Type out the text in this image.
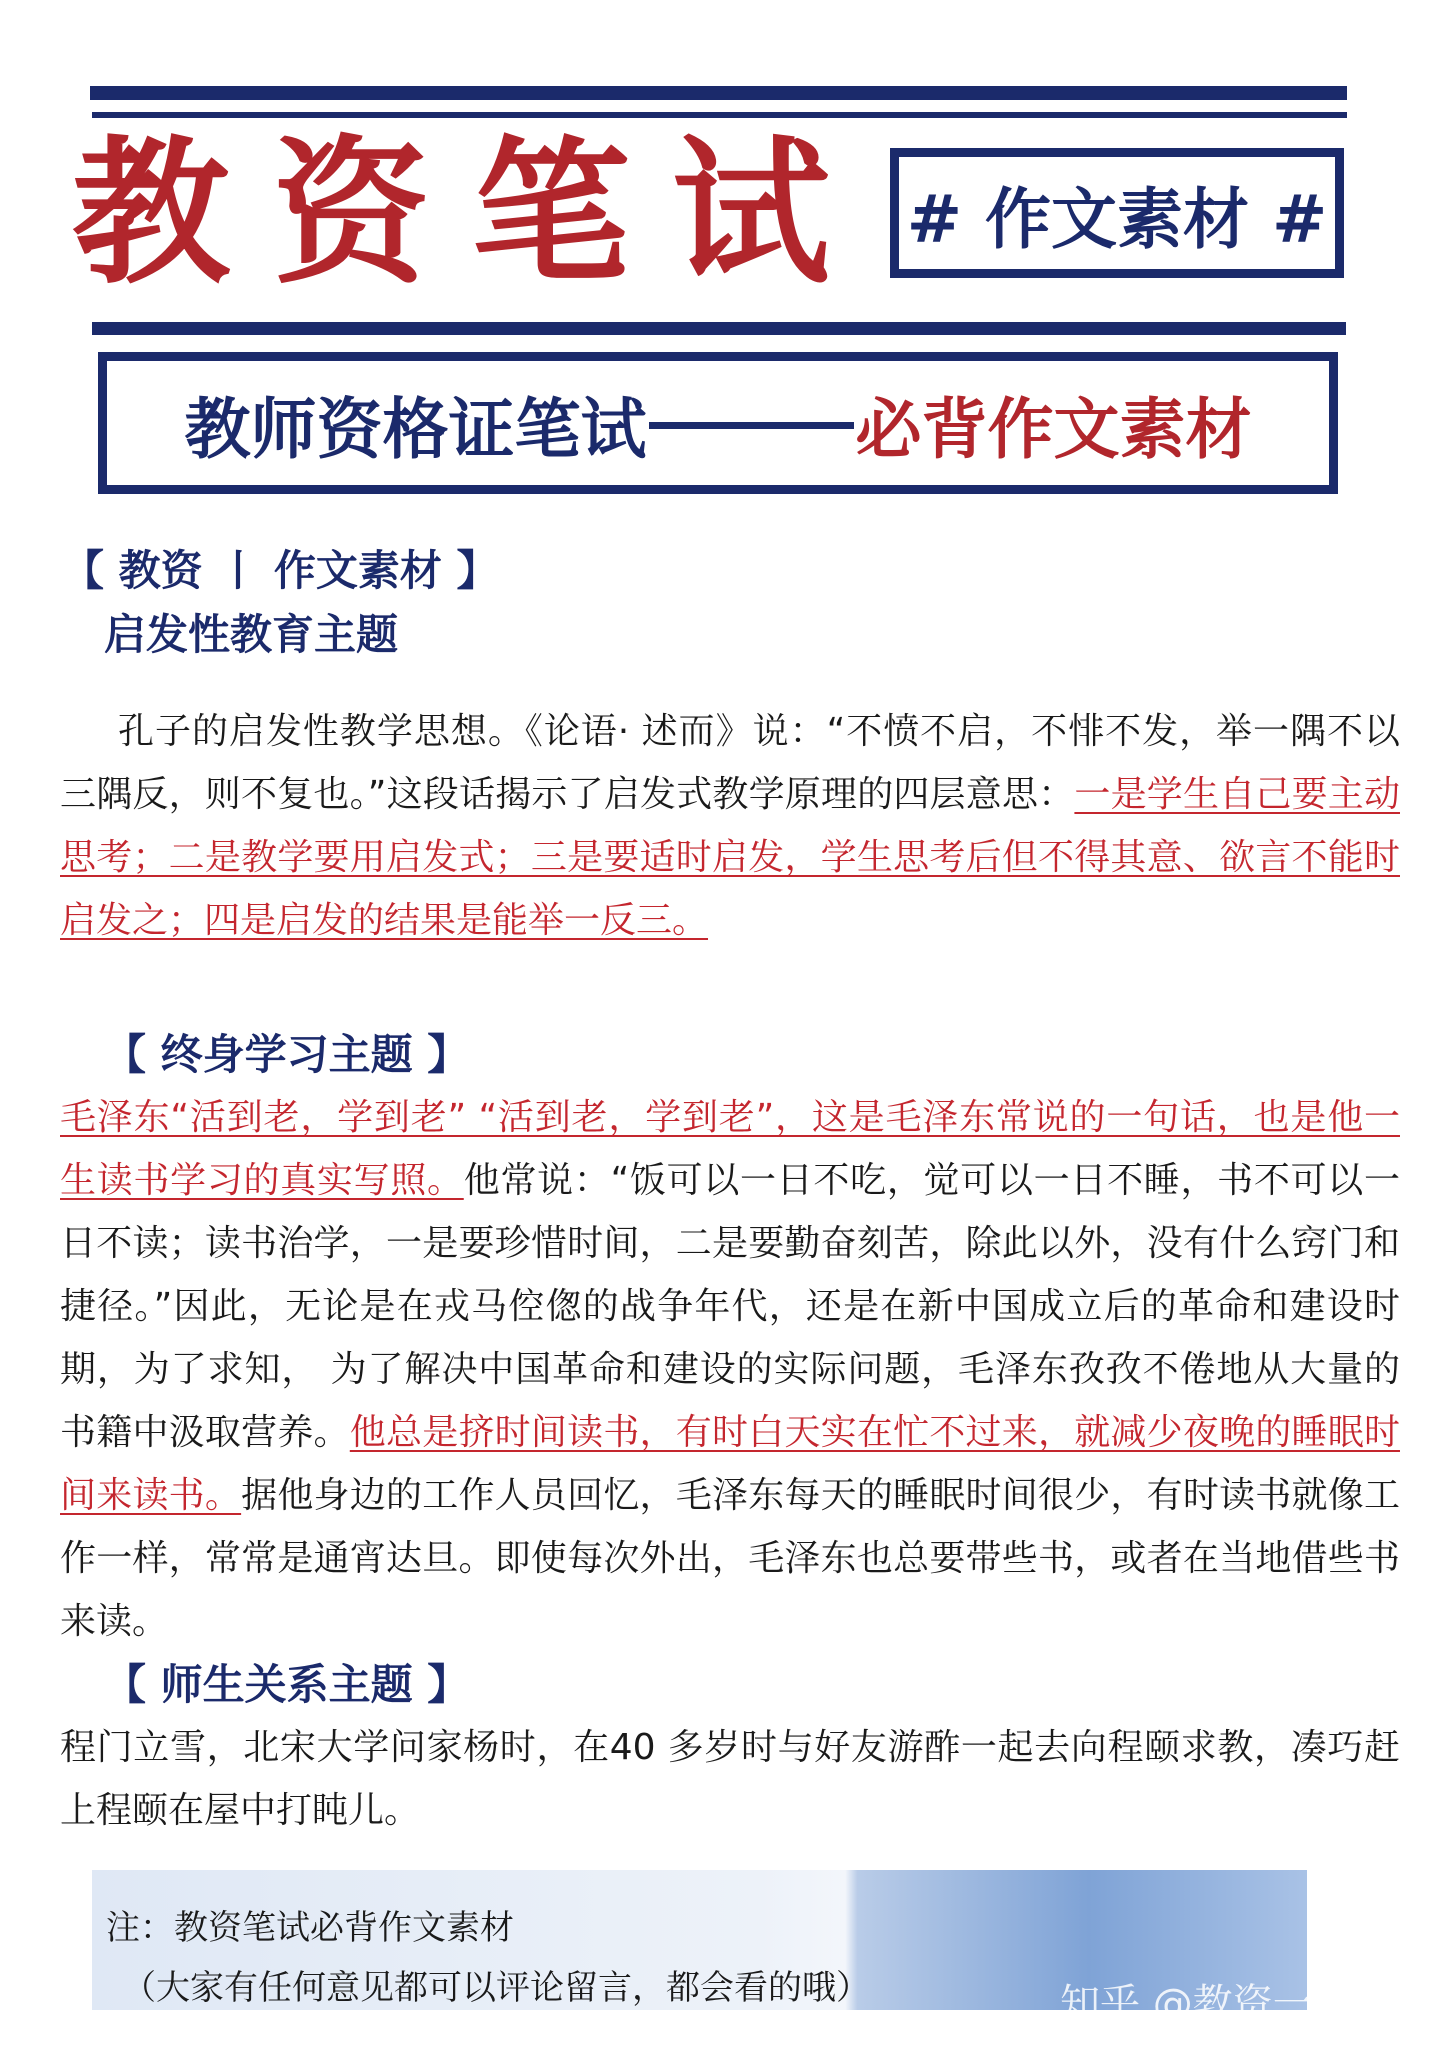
教资笔试 # 作文素材 #
教师资格证笔试	必背作文素材
【 教资 丨 作文素材 】
启发性教育主题

孔子的启发性教学思想。《论语· 述而》说：“不愤不启，不悱不发，举一隅不以三隅反，则不复也。”这段话揭示了启发式教学原理的四层意思：一是学生自己要主动思考；二是教学要用启发式；三是要适时启发，学生思考后但不得其意、欲言不能时启发之；四是启发的结果是能举一反三。

【 终身学习主题 】

毛泽东“活到老，学到老” “活到老，学到老”，这是毛泽东常说的一句话，也是他一生读书学习的真实写照。他常说：“饭可以一日不吃，觉可以一日不睡，书不可以一日不读；读书治学，一是要珍惜时间，二是要勤奋刻苦，除此以外，没有什么窍门和捷径。”因此，无论是在戎马倥偬的战争年代，还是在新中国成立后的革命和建设时期，为了求知， 为了解决中国革命和建设的实际问题，毛泽东孜孜不倦地从大量的书籍中汲取营养。他总是挤时间读书，有时白天实在忙不过来，就减少夜晚的睡眠时间来读书。据他身边的工作人员回忆，毛泽东每天的睡眠时间很少，有时读书就像工作一样，常常是通宵达旦。即使每次外出，毛泽东也总要带些书，或者在当地借些书来读。

【 师生关系主题 】

程门立雪，北宋大学问家杨时，在40 多岁时与好友游酢一起去向程颐求教，凑巧赶上程颐在屋中打盹儿。

注：教资笔试必背作文素材
（大家有任何意见都可以评论留言，都会看的哦）	知乎 @教资一点通
